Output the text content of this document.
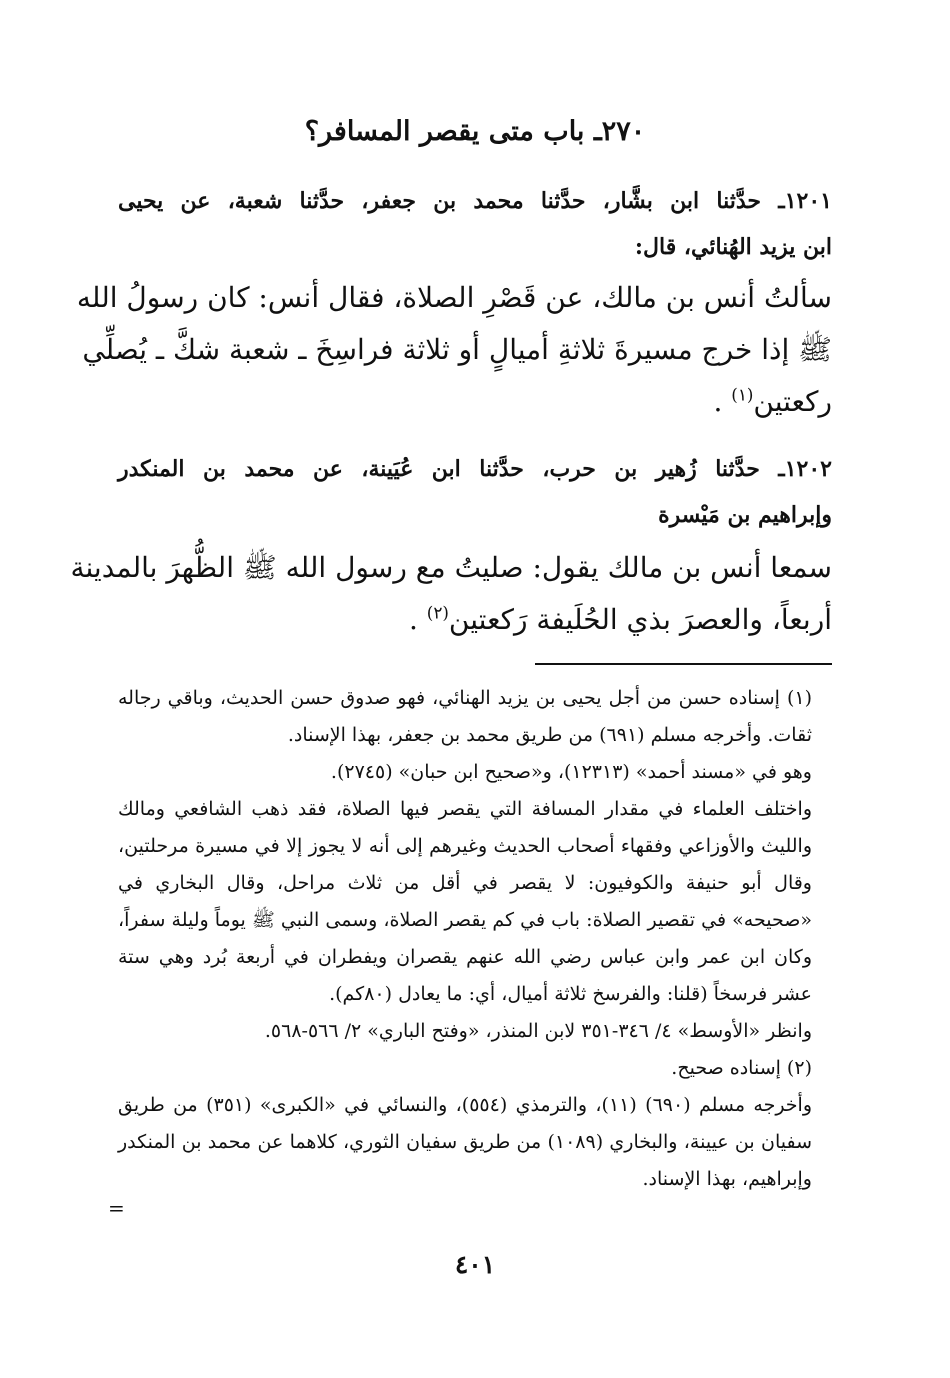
٢٧٠ـ باب متى يقصر المسافر؟
١٢٠١ـ حدَّثنا ابن بشَّار، حدَّثنا محمد بن جعفر، حدَّثنا شعبة، عن يحيى
ابن يزيد الهُنائي، قال:
سألتُ أنس بن مالك، عن قَصْرِ الصلاة، فقال أنس: كان رسولُ الله
ﷺ إذا خرج مسيرةَ ثلاثةِ أميالٍ أو ثلاثة فراسِخَ ـ شعبة شكَّ ـ يُصلِّي
ركعتين$^{(١)}$ .
١٢٠٢ـ حدَّثنا زُهير بن حرب، حدَّثنا ابن عُيَينة، عن محمد بن المنكدر
وإبراهيم بن مَيْسرة
سمعا أنس بن مالك يقول: صليتُ مع رسول الله ﷺ الظُّهرَ بالمدينة
أربعاً، والعصرَ بذي الحُلَيفة رَكعتين$^{(٢)}$ .

(١) إسناده حسن من أجل يحيى بن يزيد الهنائي، فهو صدوق حسن الحديث، وباقي رجاله ثقات. وأخرجه مسلم (٦٩١) من طريق محمد بن جعفر، بهذا الإسناد.

وهو في «مسند أحمد» (١٢٣١٣)، و«صحيح ابن حبان» (٢٧٤٥).

واختلف العلماء في مقدار المسافة التي يقصر فيها الصلاة، فقد ذهب الشافعي ومالك والليث والأوزاعي وفقهاء أصحاب الحديث وغيرهم إلى أنه لا يجوز إلا في مسيرة مرحلتين، وقال أبو حنيفة والكوفيون: لا يقصر في أقل من ثلاث مراحل، وقال البخاري في «صحيحه» في تقصير الصلاة: باب في كم يقصر الصلاة، وسمى النبي ﷺ يوماً وليلة سفراً، وكان ابن عمر وابن عباس رضي الله عنهم يقصران ويفطران في أربعة بُرد وهي ستة عشر فرسخاً (قلنا: والفرسخ ثلاثة أميال، أي: ما يعادل (٨٠كم).

وانظر «الأوسط» ٤/ ٣٤٦-٣٥١ لابن المنذر، «وفتح الباري» ٢/ ٥٦٦-٥٦٨.

(٢) إسناده صحيح.

وأخرجه مسلم (٦٩٠) (١١)، والترمذي (٥٥٤)، والنسائي في «الكبرى» (٣٥١) من طريق سفيان بن عيينة، والبخاري (١٠٨٩) من طريق سفيان الثوري، كلاهما عن محمد بن المنكدر وإبراهيم، بهذا الإسناد.

=
٤٠١
